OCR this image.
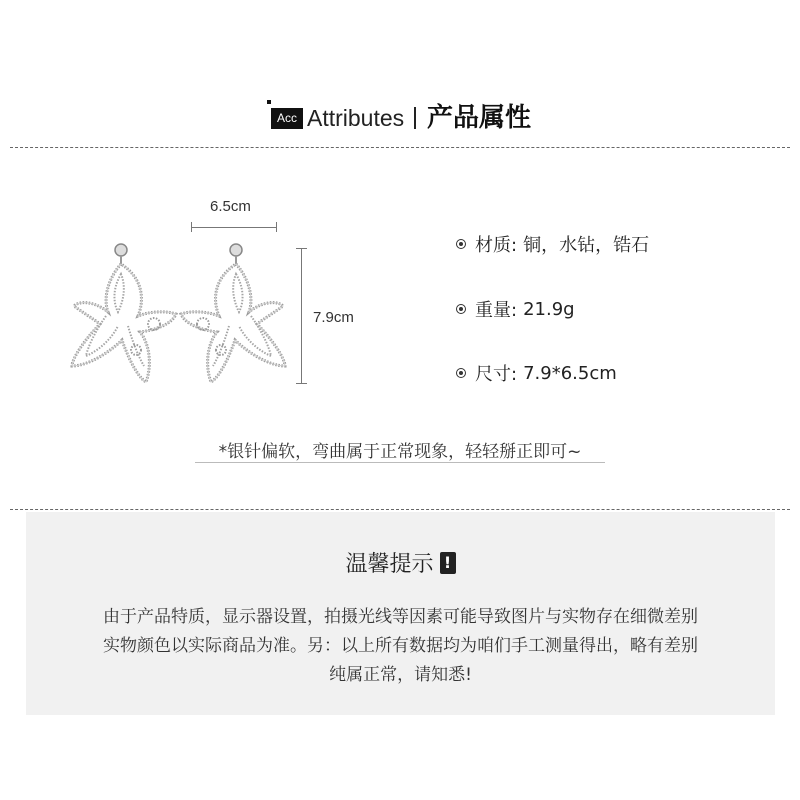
Acc Attributes 产品属性
6.5cm
7.9cm
材质: 铜，水钻，锆石
重量: 21.9g
尺寸: 7.9*6.5cm
*银针偏软，弯曲属于正常现象，轻轻掰正即可~
温馨提示 !
由于产品特质，显示器设置，拍摄光线等因素可能导致图片与实物存在细微差别
实物颜色以实际商品为准。另：以上所有数据均为咱们手工测量得出，略有差别
纯属正常，请知悉!
